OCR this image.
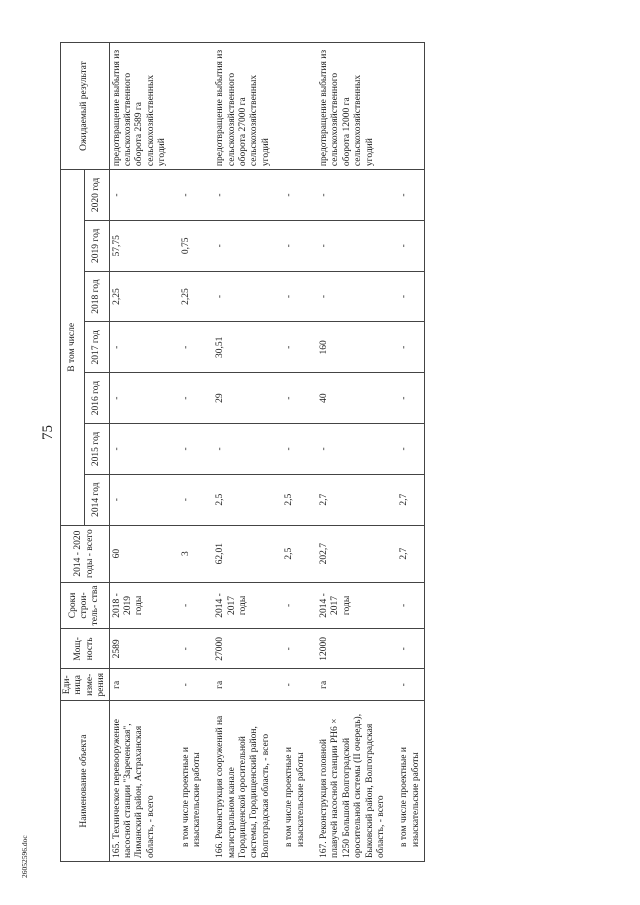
75
26052596.doc
Наименование объекта	Еди- ница изме- рения	Мощ- ность	Сроки строи- тель- ства	2014 - 2020 годы - всего	В том числе							Ожидаемый результат
					2014 год	2015 год	2016 год	2017 год	2018 год	2019 год	2020 год	
165. Техническое перевооружение насосной станции "Зареченская", Лиманский район, Астраханская область, - всего	га	2589	2018 - 2019 годы	60	-	-	-	-	2,25	57,75	-	предотвращение выбытия из сельскохозяйственного оборота 2589 га сельскохозяйственных угодий
в том числе проектные и изыскательские работы	-	-	-	3	-	-	-	-	2,25	0,75	-	
166. Реконструкция сооружений на магистральном канале Городищенской оросительной системы, Городищенский район, Волгоградская область, - всего	га	27000	2014 - 2017 годы	62,01	2,5	-	29	30,51	-	-	-	предотвращение выбытия из сельскохозяйственного оборота 27000 га сельскохозяйственных угодий
в том числе проектные и изыскательские работы	-	-	-	2,5	2,5	-	-	-	-	-	-	
167. Реконструкция головной плавучей насосной станции РН6 × 1250 Большой Волгоградской оросительной системы (II очередь), Быковский район, Волгоградская область, - всего	га	12000	2014 - 2017 годы	202,7	2,7	-	40	160	-	-	-	предотвращение выбытия из сельскохозяйственного оборота 12000 га сельскохозяйственных угодий
в том числе проектные и изыскательские работы	-	-	-	2,7	2,7	-	-	-	-	-	-	
